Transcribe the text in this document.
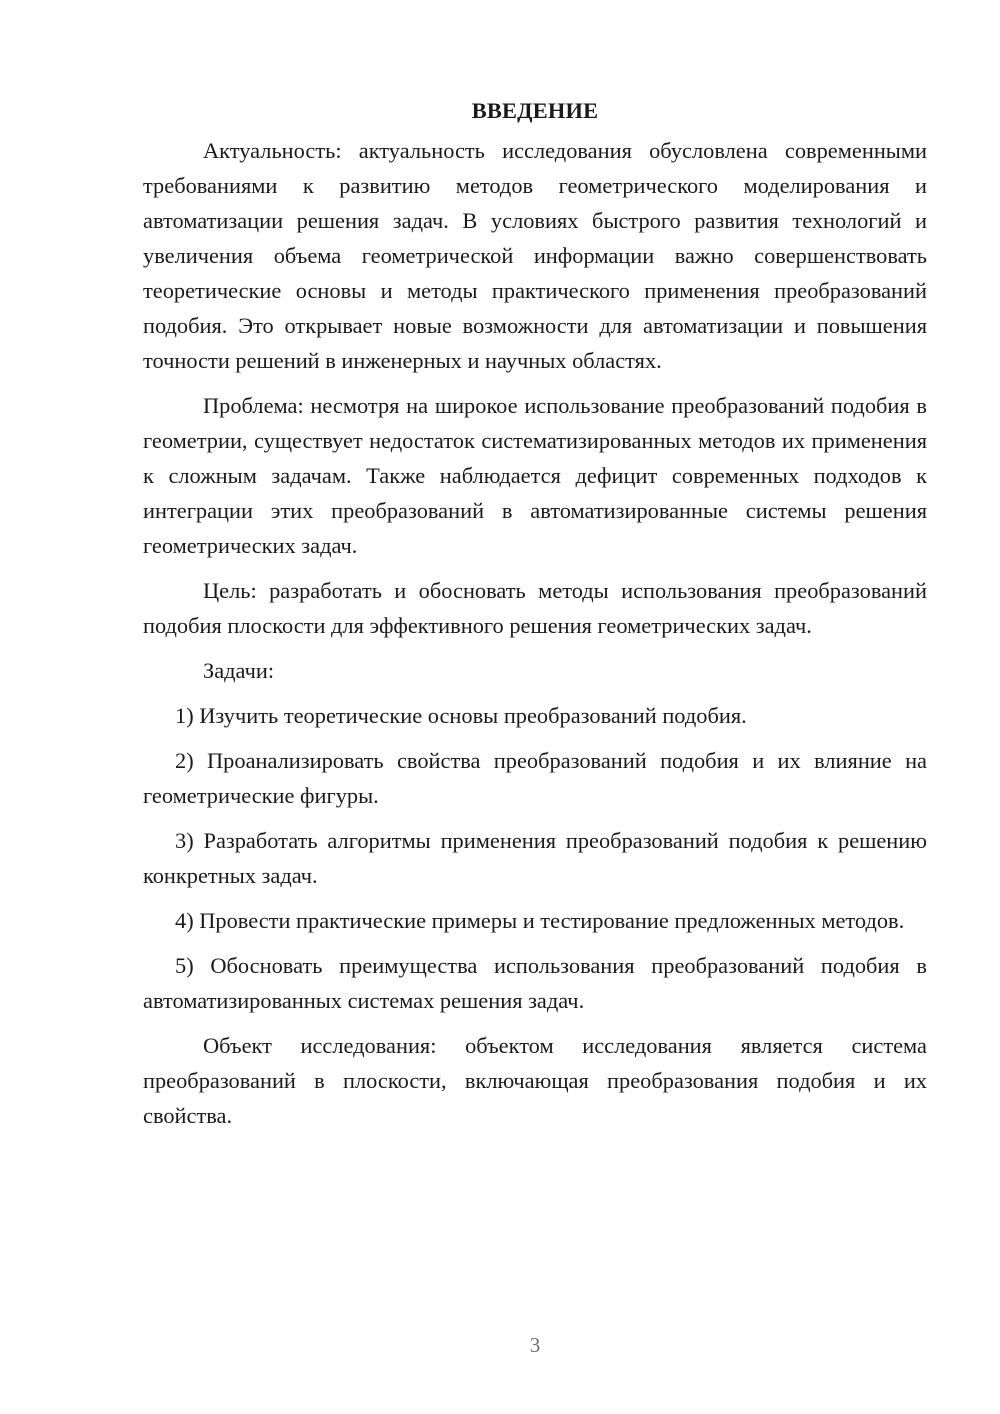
ВВЕДЕНИЕ

Актуальность: актуальность исследования обусловлена современными требованиями к развитию методов геометрического моделирования и автоматизации решения задач. В условиях быстрого развития технологий и увеличения объема геометрической информации важно совершенствовать теоретические основы и методы практического применения преобразований подобия. Это открывает новые возможности для автоматизации и повышения точности решений в инженерных и научных областях.

Проблема: несмотря на широкое использование преобразований подобия в геометрии, существует недостаток систематизированных методов их применения к сложным задачам. Также наблюдается дефицит современных подходов к интеграции этих преобразований в автоматизированные системы решения геометрических задач.

Цель: разработать и обосновать методы использования преобразований подобия плоскости для эффективного решения геометрических задач.

Задачи:

1) Изучить теоретические основы преобразований подобия.

2) Проанализировать свойства преобразований подобия и их влияние на геометрические фигуры.

3) Разработать алгоритмы применения преобразований подобия к решению конкретных задач.

4) Провести практические примеры и тестирование предложенных методов.

5) Обосновать преимущества использования преобразований подобия в автоматизированных системах решения задач.

Объект исследования: объектом исследования является система преобразований в плоскости, включающая преобразования подобия и их свойства.

3
